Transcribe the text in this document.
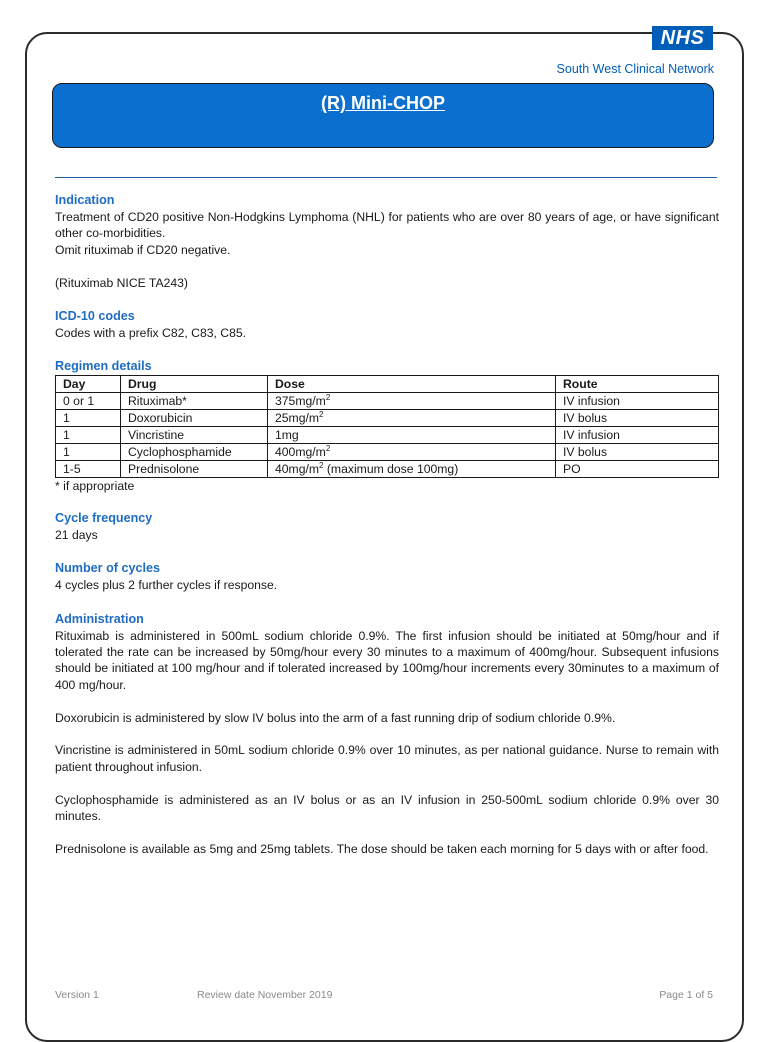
NHS
South West Clinical Network
(R) Mini-CHOP
Indication

Treatment of CD20 positive Non-Hodgkins Lymphoma (NHL) for patients who are over 80 years of age, or have significant other co-morbidities.

Omit rituximab if CD20 negative.

(Rituximab NICE TA243)

ICD-10 codes

Codes with a prefix C82, C83, C85.

Regimen details
Day	Drug	Dose	Route
0 or 1	Rituximab*	$375mg/m^2$	IV infusion
1	Doxorubicin	$25mg/m^2$	IV bolus
1	Vincristine	1mg	IV infusion
1	Cyclophosphamide	$400mg/m^2$	IV bolus
1-5	Prednisolone	$40mg/m^2$ (maximum dose 100mg)	PO

* if appropriate

Cycle frequency

21 days

Number of cycles

4 cycles plus 2 further cycles if response.

Administration

Rituximab is administered in 500mL sodium chloride 0.9%. The first infusion should be initiated at 50mg/hour and if tolerated the rate can be increased by 50mg/hour every 30 minutes to a maximum of 400mg/hour. Subsequent infusions should be initiated at 100 mg/hour and if tolerated increased by 100mg/hour increments every 30minutes to a maximum of 400 mg/hour.

Doxorubicin is administered by slow IV bolus into the arm of a fast running drip of sodium chloride 0.9%.

Vincristine is administered in 50mL sodium chloride 0.9% over 10 minutes, as per national guidance. Nurse to remain with patient throughout infusion.

Cyclophosphamide is administered as an IV bolus or as an IV infusion in 250-500mL sodium chloride 0.9% over 30 minutes.

Prednisolone is available as 5mg and 25mg tablets. The dose should be taken each morning for 5 days with or after food.

Version 1	Review date November 2019	Page 1 of 5
